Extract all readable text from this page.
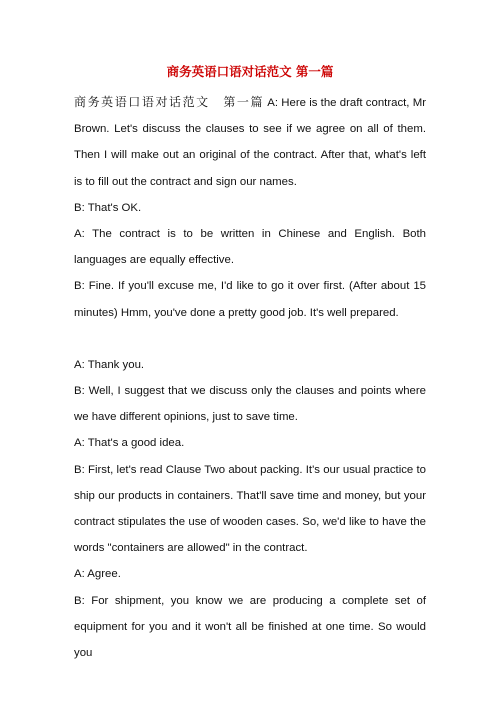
商务英语口语对话范文 第一篇

商务英语口语对话范文　第一篇 A: Here is the draft contract, Mr Brown. Let's discuss the clauses to see if we agree on all of them. Then I will make out an original of the contract. After that, what's left is to fill out the contract and sign our names.

B: That's OK.

A: The contract is to be written in Chinese and English. Both languages are equally effective.

B: Fine. If you'll excuse me, I'd like to go it over first. (After about 15 minutes) Hmm, you've done a pretty good job. It's well prepared.

A: Thank you.

B: Well, I suggest that we discuss only the clauses and points where we have different opinions, just to save time.

A: That's a good idea.

B: First, let's read Clause Two about packing. It's our usual practice to ship our products in containers. That'll save time and money, but your contract stipulates the use of wooden cases. So, we'd like to have the words "containers are allowed" in the contract.

A: Agree.

B: For shipment, you know we are producing a complete set of equipment for you and it won't all be finished at one time. So would you
